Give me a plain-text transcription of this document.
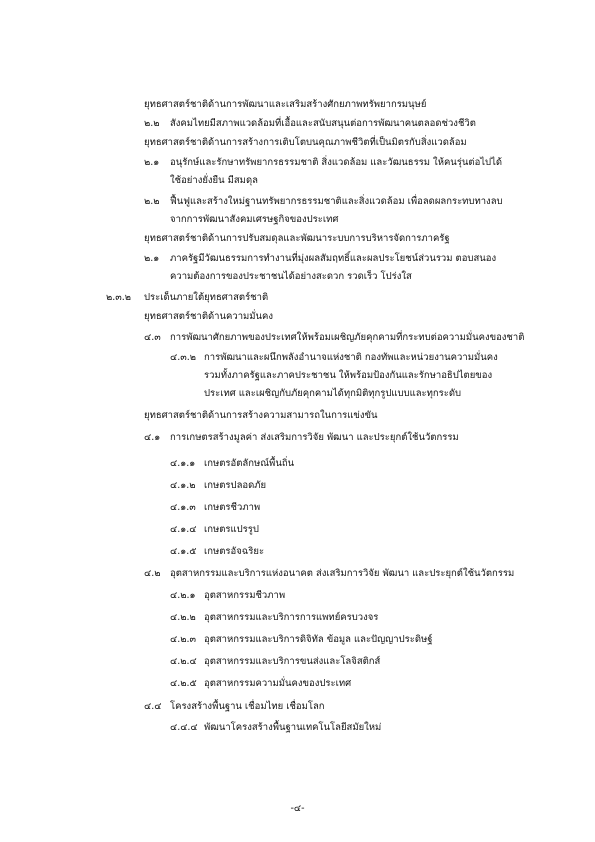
ยุทธศาสตร์ชาติด้านการพัฒนาและเสริมสร้างศักยภาพทรัพยากรมนุษย์
๒.๒ สังคมไทยมีสภาพแวดล้อมที่เอื้อและสนับสนุนต่อการพัฒนาคนตลอดช่วงชีวิต
ยุทธศาสตร์ชาติด้านการสร้างการเติบโตบนคุณภาพชีวิตที่เป็นมิตรกับสิ่งแวดล้อม
๒.๑ อนุรักษ์และรักษาทรัพยากรธรรมชาติ สิ่งแวดล้อม และวัฒนธรรม ให้คนรุ่นต่อไปได้
ใช้อย่างยั่งยืน มีสมดุล
๒.๒ ฟื้นฟูและสร้างใหม่ฐานทรัพยากรธรรมชาติและสิ่งแวดล้อม เพื่อลดผลกระทบทางลบ
จากการพัฒนาสังคมเศรษฐกิจของประเทศ
ยุทธศาสตร์ชาติด้านการปรับสมดุลและพัฒนาระบบการบริหารจัดการภาครัฐ
๒.๑ ภาครัฐมีวัฒนธรรมการทำงานที่มุ่งผลสัมฤทธิ์และผลประโยชน์ส่วนรวม ตอบสนอง
ความต้องการของประชาชนได้อย่างสะดวก รวดเร็ว โปร่งใส
๒.๓.๒ ประเด็นภายใต้ยุทธศาสตร์ชาติ
ยุทธศาสตร์ชาติด้านความมั่นคง
๔.๓ การพัฒนาศักยภาพของประเทศให้พร้อมเผชิญภัยคุกคามที่กระทบต่อความมั่นคงของชาติ
๔.๓.๒ การพัฒนาและผนึกพลังอำนาจแห่งชาติ กองทัพและหน่วยงานความมั่นคง
รวมทั้งภาครัฐและภาคประชาชน ให้พร้อมป้องกันและรักษาอธิปไตยของ
ประเทศ และเผชิญกับภัยคุกคามได้ทุกมิติทุกรูปแบบและทุกระดับ
ยุทธศาสตร์ชาติด้านการสร้างความสามารถในการแข่งขัน
๔.๑ การเกษตรสร้างมูลค่า ส่งเสริมการวิจัย พัฒนา และประยุกต์ใช้นวัตกรรม
๔.๑.๑ เกษตรอัตลักษณ์พื้นถิ่น
๔.๑.๒ เกษตรปลอดภัย
๔.๑.๓ เกษตรชีวภาพ
๔.๑.๔ เกษตรแปรรูป
๔.๑.๕ เกษตรอัจฉริยะ
๔.๒ อุตสาหกรรมและบริการแห่งอนาคต ส่งเสริมการวิจัย พัฒนา และประยุกต์ใช้นวัตกรรม
๔.๒.๑ อุตสาหกรรมชีวภาพ
๔.๒.๒ อุตสาหกรรมและบริการการแพทย์ครบวงจร
๔.๒.๓ อุตสาหกรรมและบริการดิจิทัล ข้อมูล และปัญญาประดิษฐ์
๔.๒.๔ อุตสาหกรรมและบริการขนส่งและโลจิสติกส์
๔.๒.๕ อุตสาหกรรมความมั่นคงของประเทศ
๔.๔ โครงสร้างพื้นฐาน เชื่อมไทย เชื่อมโลก
๔.๔.๔ พัฒนาโครงสร้างพื้นฐานเทคโนโลยีสมัยใหม่
-๔-
